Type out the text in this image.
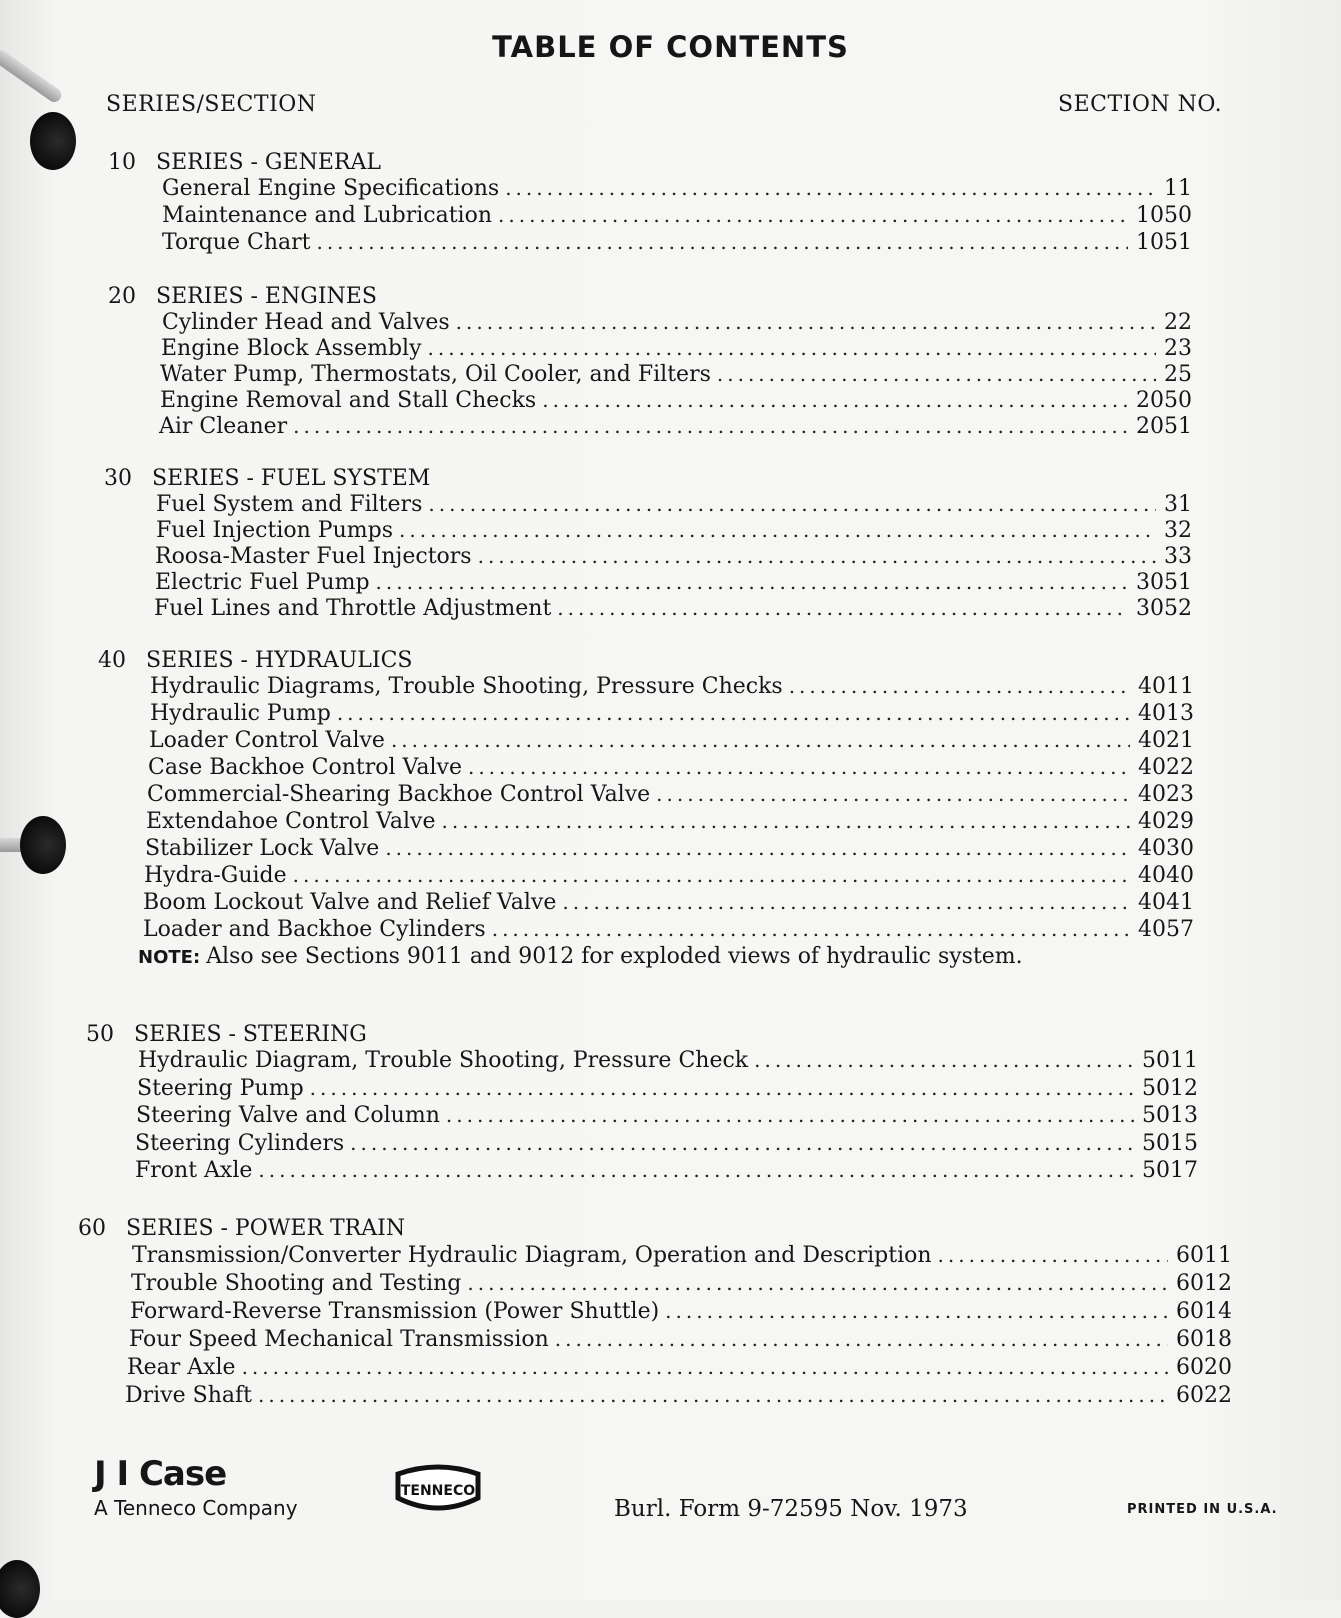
TABLE OF CONTENTS
SERIES/SECTION	SECTION NO.
10 SERIES - GENERAL
General Engine Specifications .....	11
Maintenance and Lubrication .....	1050
Torque Chart .....	1051
20 SERIES - ENGINES
Cylinder Head and Valves .....	22
Engine Block Assembly .....	23
Water Pump, Thermostats, Oil Cooler, and Filters .....	25
Engine Removal and Stall Checks .....	2050
Air Cleaner .....	2051
30 SERIES - FUEL SYSTEM
Fuel System and Filters .....	31
Fuel Injection Pumps .....	32
Roosa-Master Fuel Injectors .....	33
Electric Fuel Pump .....	3051
Fuel Lines and Throttle Adjustment .....	3052
40 SERIES - HYDRAULICS
Hydraulic Diagrams, Trouble Shooting, Pressure Checks .....	4011
Hydraulic Pump .....	4013
Loader Control Valve .....	4021
Case Backhoe Control Valve .....	4022
Commercial-Shearing Backhoe Control Valve .....	4023
Extendahoe Control Valve .....	4029
Stabilizer Lock Valve .....	4030
Hydra-Guide .....	4040
Boom Lockout Valve and Relief Valve .....	4041
Loader and Backhoe Cylinders .....	4057
NOTE: Also see Sections 9011 and 9012 for exploded views of hydraulic system.
50 SERIES - STEERING
Hydraulic Diagram, Trouble Shooting, Pressure Check .....	5011
Steering Pump .....	5012
Steering Valve and Column .....	5013
Steering Cylinders .....	5015
Front Axle .....	5017
60 SERIES - POWER TRAIN
Transmission/Converter Hydraulic Diagram, Operation and Description .....	6011
Trouble Shooting and Testing .....	6012
Forward-Reverse Transmission (Power Shuttle) .....	6014
Four Speed Mechanical Transmission .....	6018
Rear Axle .....	6020
Drive Shaft .....	6022
J I Case
A Tenneco Company
TENNECO
Burl. Form 9-72595 Nov. 1973	PRINTED IN U.S.A.
